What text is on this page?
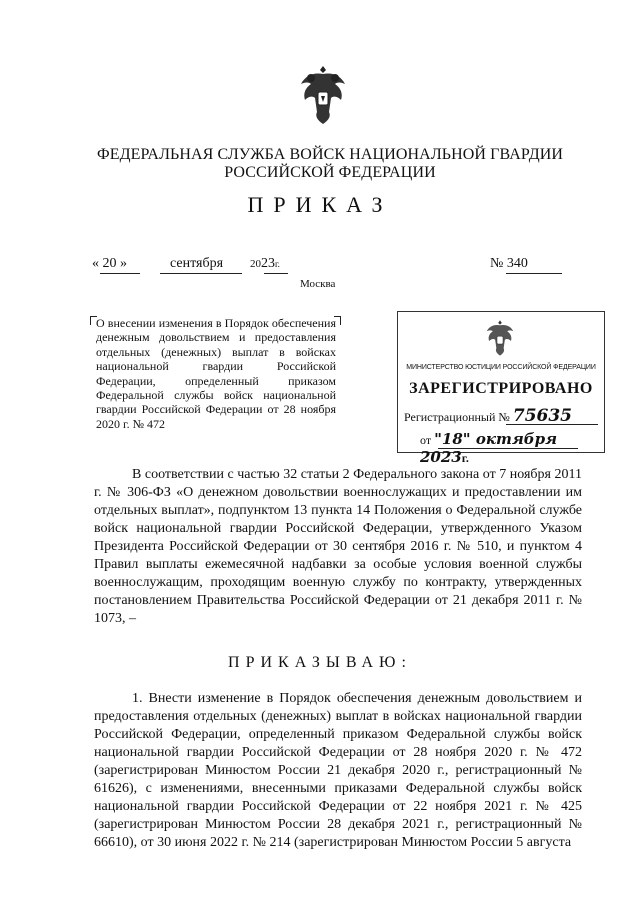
ФЕДЕРАЛЬНАЯ СЛУЖБА ВОЙСК НАЦИОНАЛЬНОЙ ГВАРДИИ
РОССИЙСКОЙ ФЕДЕРАЦИИ
ПРИКАЗ
« 20 »	сентября 2023г.	№ 340
Москва

О внесении изменения в Порядок обеспечения денежным довольствием и предоставления отдельных (денежных) выплат в войсках национальной гвардии Российской Федерации, определенный приказом Федеральной службы войск национальной гвардии Российской Федерации от 28 ноября 2020 г. № 472

МИНИСТЕРСТВО ЮСТИЦИИ РОССИЙСКОЙ ФЕДЕРАЦИИ
ЗАРЕГИСТРИРОВАНО
Регистрационный № 75635
от "18" октября 2023г.

В соответствии с частью 32 статьи 2 Федерального закона от 7 ноября 2011 г. № 306-ФЗ «О денежном довольствии военнослужащих и предоставлении им отдельных выплат», подпунктом 13 пункта 14 Положения о Федеральной службе войск национальной гвардии Российской Федерации, утвержденного Указом Президента Российской Федерации от 30 сентября 2016 г. № 510, и пунктом 4 Правил выплаты ежемесячной надбавки за особые условия военной службы военнослужащим, проходящим военную службу по контракту, утвержденных постановлением Правительства Российской Федерации от 21 декабря 2011 г. № 1073, –

ПРИКАЗЫВАЮ:

1. Внести изменение в Порядок обеспечения денежным довольствием и предоставления отдельных (денежных) выплат в войсках национальной гвардии Российской Федерации, определенный приказом Федеральной службы войск национальной гвардии Российской Федерации от 28 ноября 2020 г. № 472 (зарегистрирован Минюстом России 21 декабря 2020 г., регистрационный № 61626), с изменениями, внесенными приказами Федеральной службы войск национальной гвардии Российской Федерации от 22 ноября 2021 г. № 425 (зарегистрирован Минюстом России 28 декабря 2021 г., регистрационный № 66610), от 30 июня 2022 г. № 214 (зарегистрирован Минюстом России 5 августа
